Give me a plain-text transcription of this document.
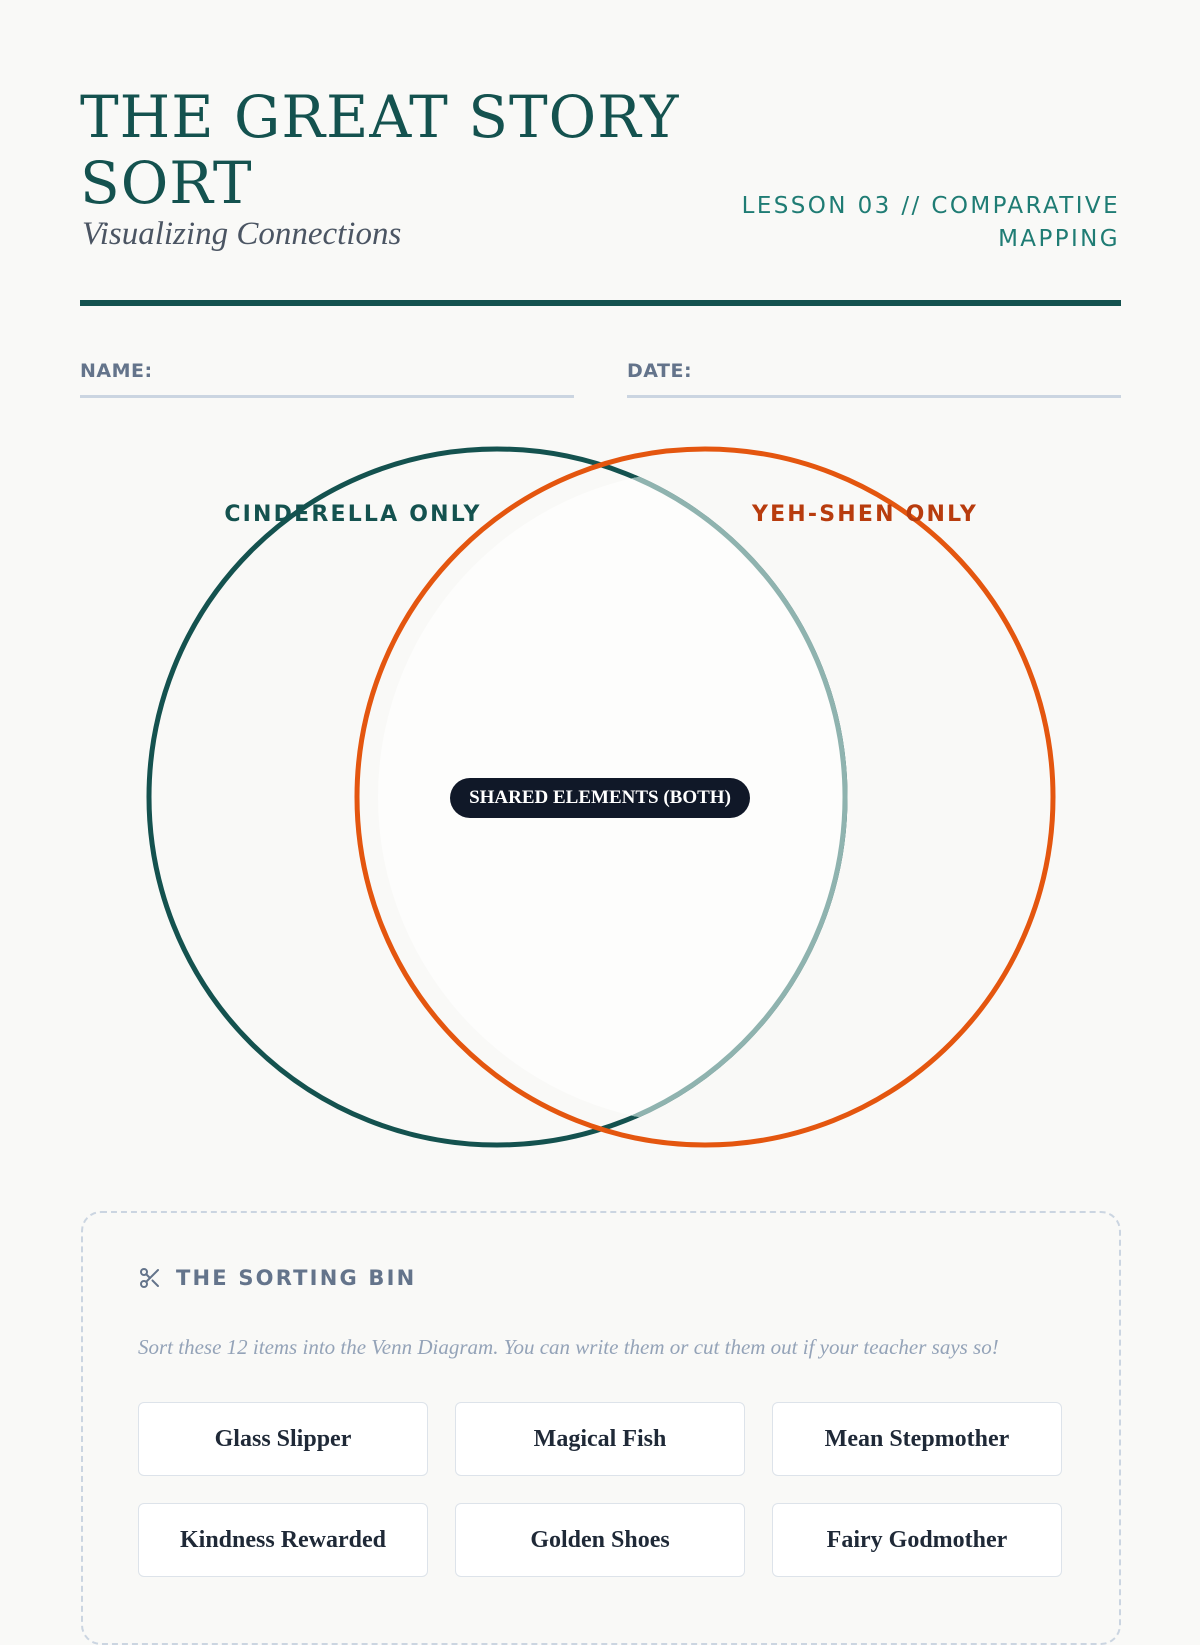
THE GREAT STORY SORT
Visualizing Connections
LESSON 03 // COMPARATIVE MAPPING
NAME:	DATE:
CINDERELLA ONLY	YEH-SHEN ONLY
SHARED ELEMENTS (BOTH)
THE SORTING BIN
Sort these 12 items into the Venn Diagram. You can write them or cut them out if your teacher says so!
Glass Slipper	Magical Fish	Mean Stepmother
Kindness Rewarded	Golden Shoes	Fairy Godmother
